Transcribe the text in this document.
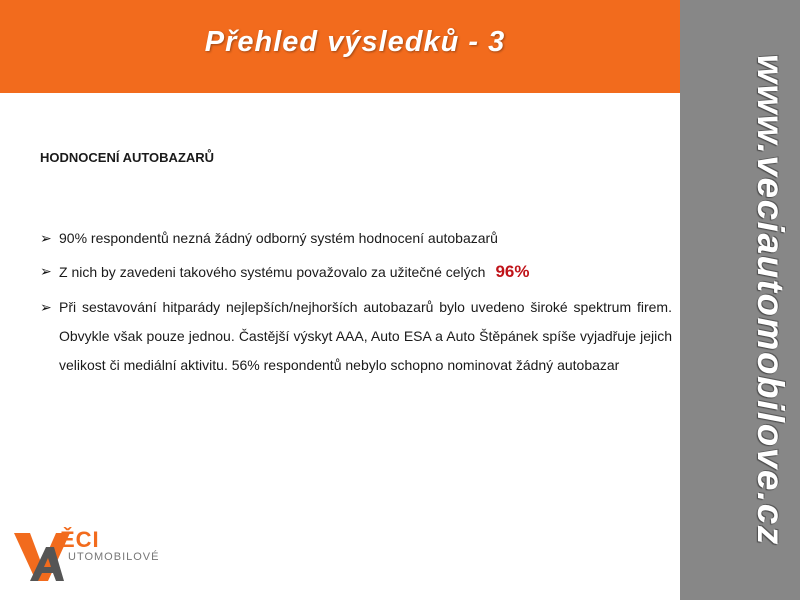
Přehled výsledků - 3
www.veciautomobilove.cz
HODNOCENÍ AUTOBAZARŮ
➢ 90% respondentů nezná žádný odborný systém hodnocení autobazarů
➢ Z nich by zavedeni takového systému považovalo za užitečné celých 96%
➢ Při sestavování hitparády nejlepších/nejhorších autobazarů bylo uvedeno široké spektrum firem. Obvykle však pouze jednou. Častější výskyt AAA, Auto ESA a Auto Štěpánek spíše vyjadřuje jejich velikost či mediální aktivitu. 56% respondentů nebylo schopno nominovat žádný autobazar
ĚCI
UTOMOBILOVÉ
